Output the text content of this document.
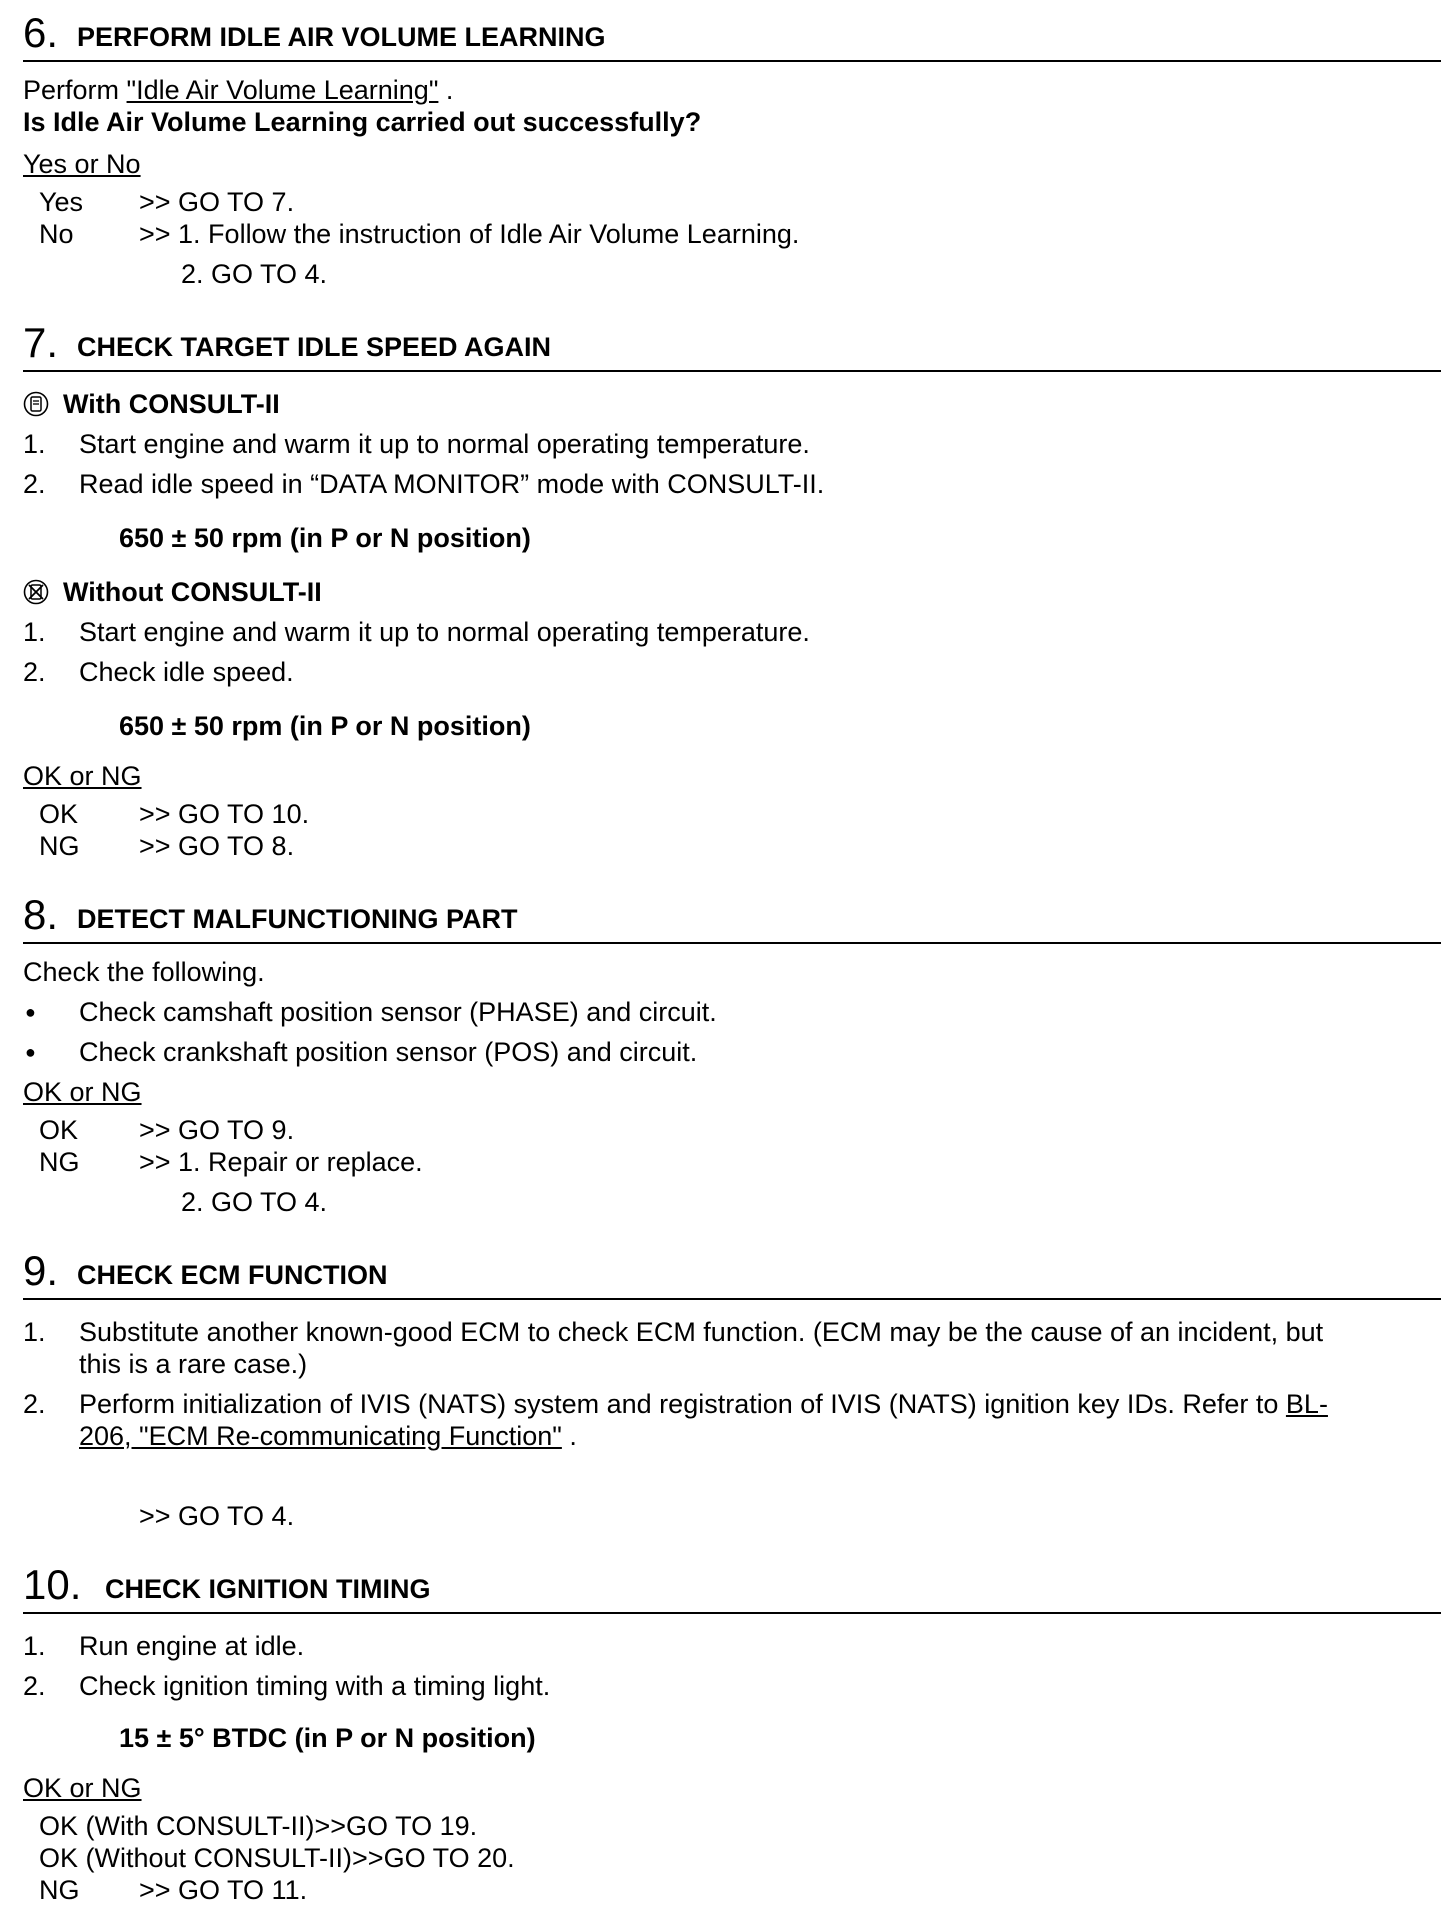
6. PERFORM IDLE AIR VOLUME LEARNING
Perform "Idle Air Volume Learning" .
Is Idle Air Volume Learning carried out successfully?
Yes or No
Yes >> GO TO 7.
No >> 1. Follow the instruction of Idle Air Volume Learning.
2. GO TO 4.
7. CHECK TARGET IDLE SPEED AGAIN
With CONSULT-II
1. Start engine and warm it up to normal operating temperature.
2. Read idle speed in “DATA MONITOR” mode with CONSULT-II.
650 ± 50 rpm (in P or N position)
Without CONSULT-II
1. Start engine and warm it up to normal operating temperature.
2. Check idle speed.
650 ± 50 rpm (in P or N position)
OK or NG
OK >> GO TO 10.
NG >> GO TO 8.
8. DETECT MALFUNCTIONING PART
Check the following.
● Check camshaft position sensor (PHASE) and circuit.
● Check crankshaft position sensor (POS) and circuit.
OK or NG
OK >> GO TO 9.
NG >> 1. Repair or replace.
2. GO TO 4.
9. CHECK ECM FUNCTION
1. Substitute another known-good ECM to check ECM function. (ECM may be the cause of an incident, but
this is a rare case.)
2. Perform initialization of IVIS (NATS) system and registration of IVIS (NATS) ignition key IDs. Refer to BL-
206, "ECM Re-communicating Function" .
>> GO TO 4.
10. CHECK IGNITION TIMING
1. Run engine at idle.
2. Check ignition timing with a timing light.
15 ± 5° BTDC (in P or N position)
OK or NG
OK (With CONSULT-II)>>GO TO 19.
OK (Without CONSULT-II)>>GO TO 20.
NG >> GO TO 11.
